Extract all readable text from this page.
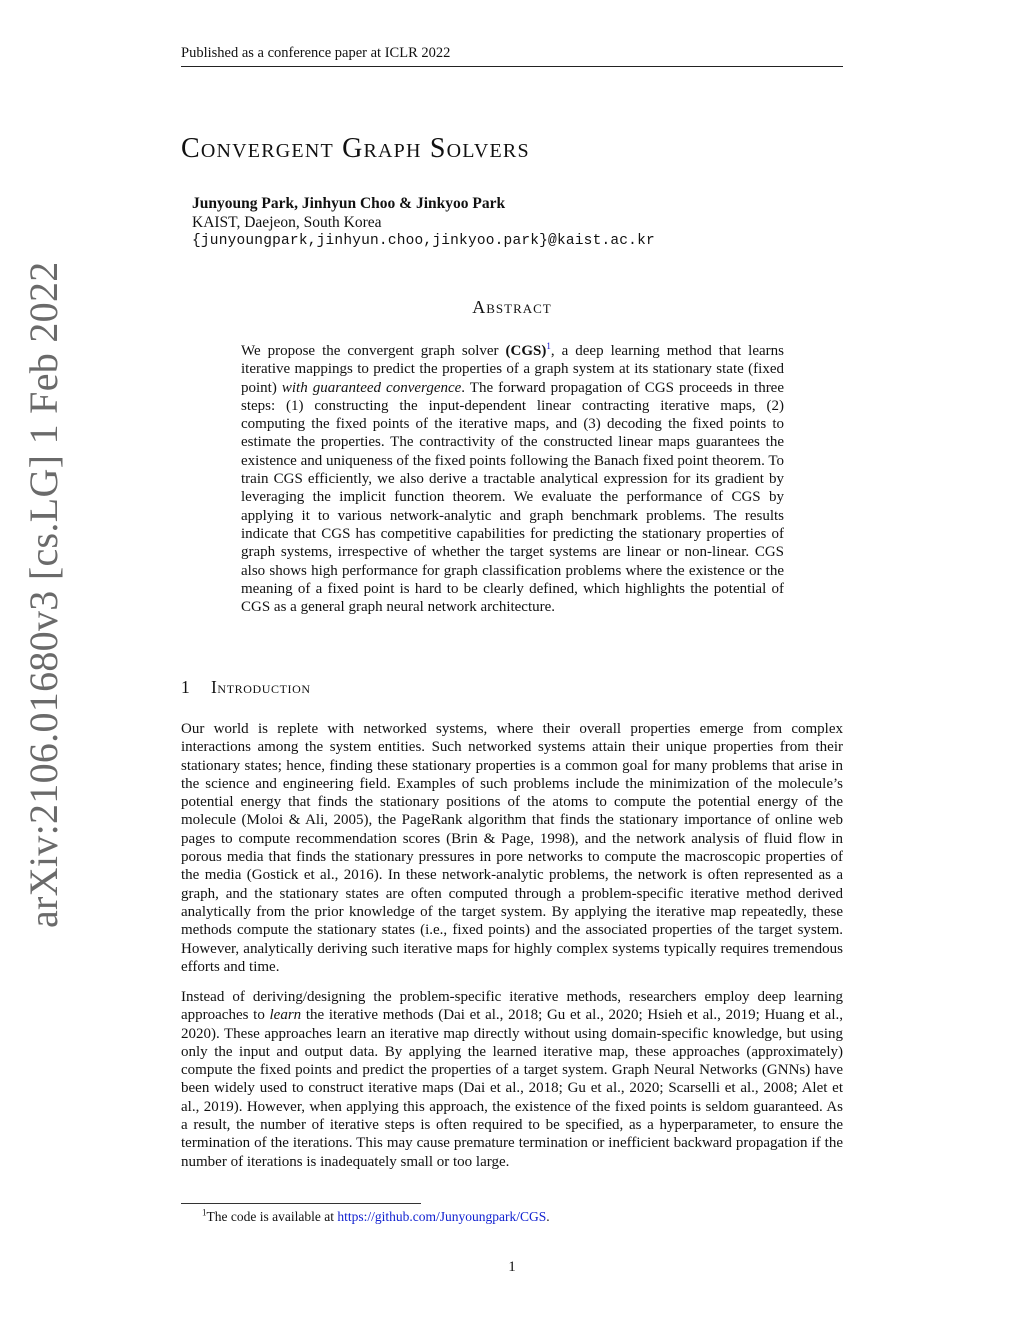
Published as a conference paper at ICLR 2022
arXiv:2106.01680v3 [cs.LG] 1 Feb 2022
Convergent Graph Solvers
Junyoung Park, Jinhyun Choo & Jinkyoo Park
KAIST, Daejeon, South Korea
{junyoungpark,jinhyun.choo,jinkyoo.park}@kaist.ac.kr
Abstract

We propose the convergent graph solver (CGS)$^1$, a deep learning method that learns iterative mappings to predict the properties of a graph system at its stationary state (fixed point) with guaranteed convergence. The forward propagation of CGS proceeds in three steps: (1) constructing the input-dependent linear contracting iterative maps, (2) computing the fixed points of the iterative maps, and (3) decoding the fixed points to estimate the properties. The contractivity of the constructed linear maps guarantees the existence and uniqueness of the fixed points following the Banach fixed point theorem. To train CGS efficiently, we also derive a tractable analytical expression for its gradient by leveraging the implicit function theorem. We evaluate the performance of CGS by applying it to various network-analytic and graph benchmark problems. The results indicate that CGS has competitive capabilities for predicting the stationary properties of graph systems, irrespective of whether the target systems are linear or non-linear. CGS also shows high performance for graph classification problems where the existence or the meaning of a fixed point is hard to be clearly defined, which highlights the potential of CGS as a general graph neural network architecture.

1 Introduction

Our world is replete with networked systems, where their overall properties emerge from complex interactions among the system entities. Such networked systems attain their unique properties from their stationary states; hence, finding these stationary properties is a common goal for many problems that arise in the science and engineering field. Examples of such problems include the minimization of the molecule’s potential energy that finds the stationary positions of the atoms to compute the potential energy of the molecule (Moloi & Ali, 2005), the PageRank algorithm that finds the stationary importance of online web pages to compute recommendation scores (Brin & Page, 1998), and the network analysis of fluid flow in porous media that finds the stationary pressures in pore networks to compute the macroscopic properties of the media (Gostick et al., 2016). In these network-analytic problems, the network is often represented as a graph, and the stationary states are often computed through a problem-specific iterative method derived analytically from the prior knowledge of the target system. By applying the iterative map repeatedly, these methods compute the stationary states (i.e., fixed points) and the associated properties of the target system. However, analytically deriving such iterative maps for highly complex systems typically requires tremendous efforts and time.

Instead of deriving/designing the problem-specific iterative methods, researchers employ deep learning approaches to learn the iterative methods (Dai et al., 2018; Gu et al., 2020; Hsieh et al., 2019; Huang et al., 2020). These approaches learn an iterative map directly without using domain-specific knowledge, but using only the input and output data. By applying the learned iterative map, these approaches (approximately) compute the fixed points and predict the properties of a target system. Graph Neural Networks (GNNs) have been widely used to construct iterative maps (Dai et al., 2018; Gu et al., 2020; Scarselli et al., 2008; Alet et al., 2019). However, when applying this approach, the existence of the fixed points is seldom guaranteed. As a result, the number of iterative steps is often required to be specified, as a hyperparameter, to ensure the termination of the iterations. This may cause premature termination or inefficient backward propagation if the number of iterations is inadequately small or too large.

$^1$The code is available at https://github.com/Junyoungpark/CGS.
1
